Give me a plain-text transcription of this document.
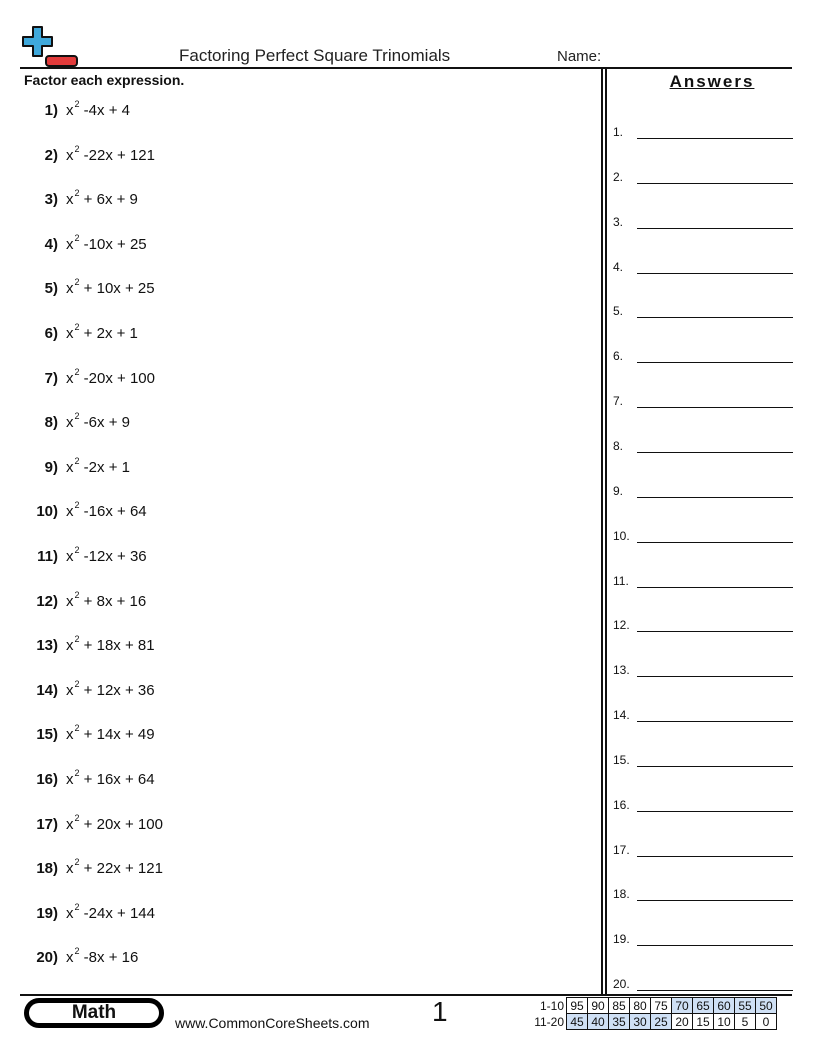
Factoring Perfect Square Trinomials	Name:
Factor each expression.	Answers
1) $x^2$ -4x + 4
2) $x^2$ -22x + 121
3) $x^2 + 6x + 9$
4) $x^2$ -10x + 25
5) $x^2 + 10x + 25$
6) $x^2 + 2x + 1$
7) $x^2$ -20x + 100
8) $x^2$ -6x + 9
9) $x^2$ -2x + 1
10) $x^2$ -16x + 64
11) $x^2$ -12x + 36
12) $x^2 + 8x + 16$
13) $x^2 + 18x + 81$
14) $x^2 + 12x + 36$
15) $x^2 + 14x + 49$
16) $x^2 + 16x + 64$
17) $x^2 + 20x + 100$
18) $x^2 + 22x + 121$
19) $x^2$ -24x + 144
20) $x^2$ -8x + 16
1.
2.
3.
4.
5.
6.
7.
8.
9.
10.
11.
12.
13.
14.
15.
16.
17.
18.
19.
20.
Math	www.CommonCoreSheets.com 1	1-10	95	90	85	80	75	70	65	60	55	50
11-20	45	40	35	30	25	20	15	10	5	0
